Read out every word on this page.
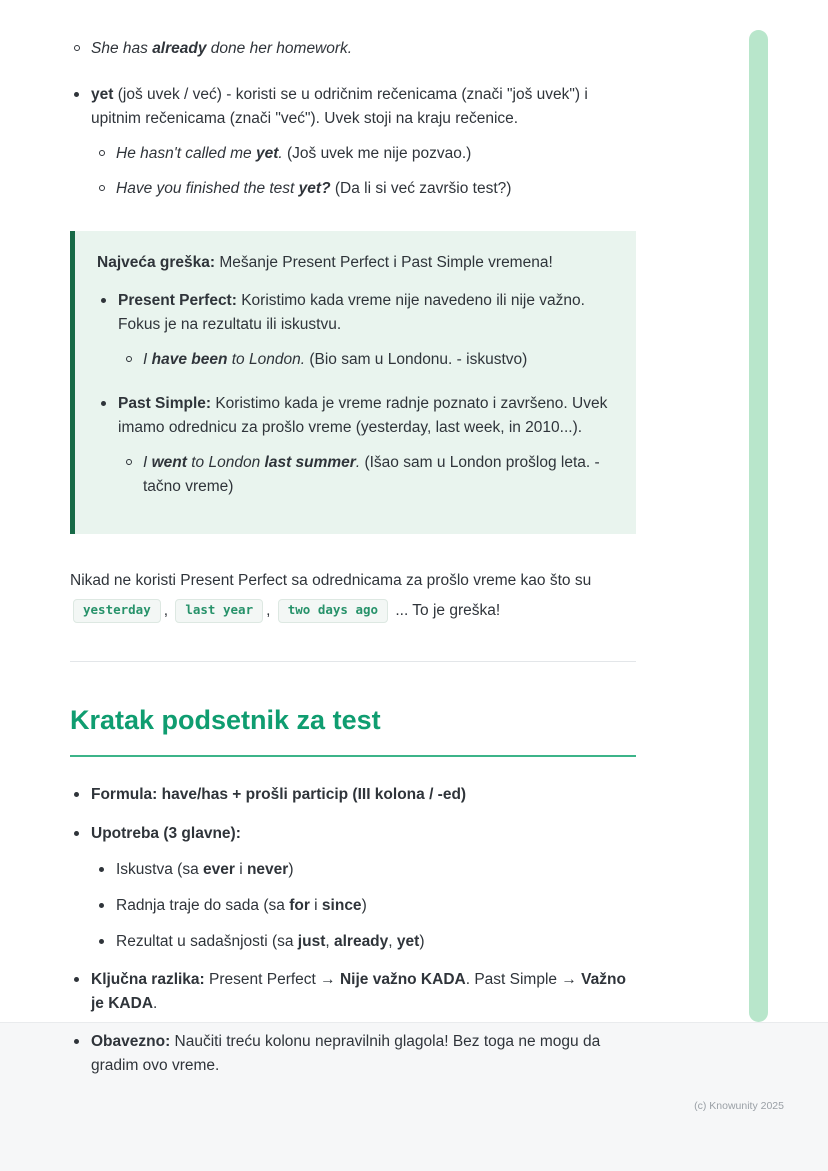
She has already done her homework.
yet (još uvek / već) - koristi se u odričnim rečenicama (znači "još uvek") i upitnim rečenicama (znači "već"). Uvek stoji na kraju rečenice.
He hasn't called me yet. (Još uvek me nije pozvao.)
Have you finished the test yet? (Da li si već završio test?)

Najveća greška: Mešanje Present Perfect i Past Simple vremena!

Present Perfect: Koristimo kada vreme nije navedeno ili nije važno. Fokus je na rezultatu ili iskustvu.
I have been to London. (Bio sam u Londonu. - iskustvo)
Past Simple: Koristimo kada je vreme radnje poznato i završeno. Uvek imamo odrednicu za prošlo vreme (yesterday, last week, in 2010...).
I went to London last summer. (Išao sam u London prošlog leta. - tačno vreme)

Nikad ne koristi Present Perfect sa odrednicama za prošlo vreme kao što su yesterday , last year , two days ago ... To je greška!

Kratak podsetnik za test
Formula: have/has + prošli particip (III kolona / -ed)
Upotreba (3 glavne):
Iskustva (sa ever i never)
Radnja traje do sada (sa for i since)
Rezultat u sadašnjosti (sa just, already, yet)
Ključna razlika: Present Perfect → Nije važno KADA. Past Simple → Važno je KADA.
Obavezno: Naučiti treću kolonu nepravilnih glagola! Bez toga ne mogu da gradim ovo vreme.
(c) Knowunity 2025
